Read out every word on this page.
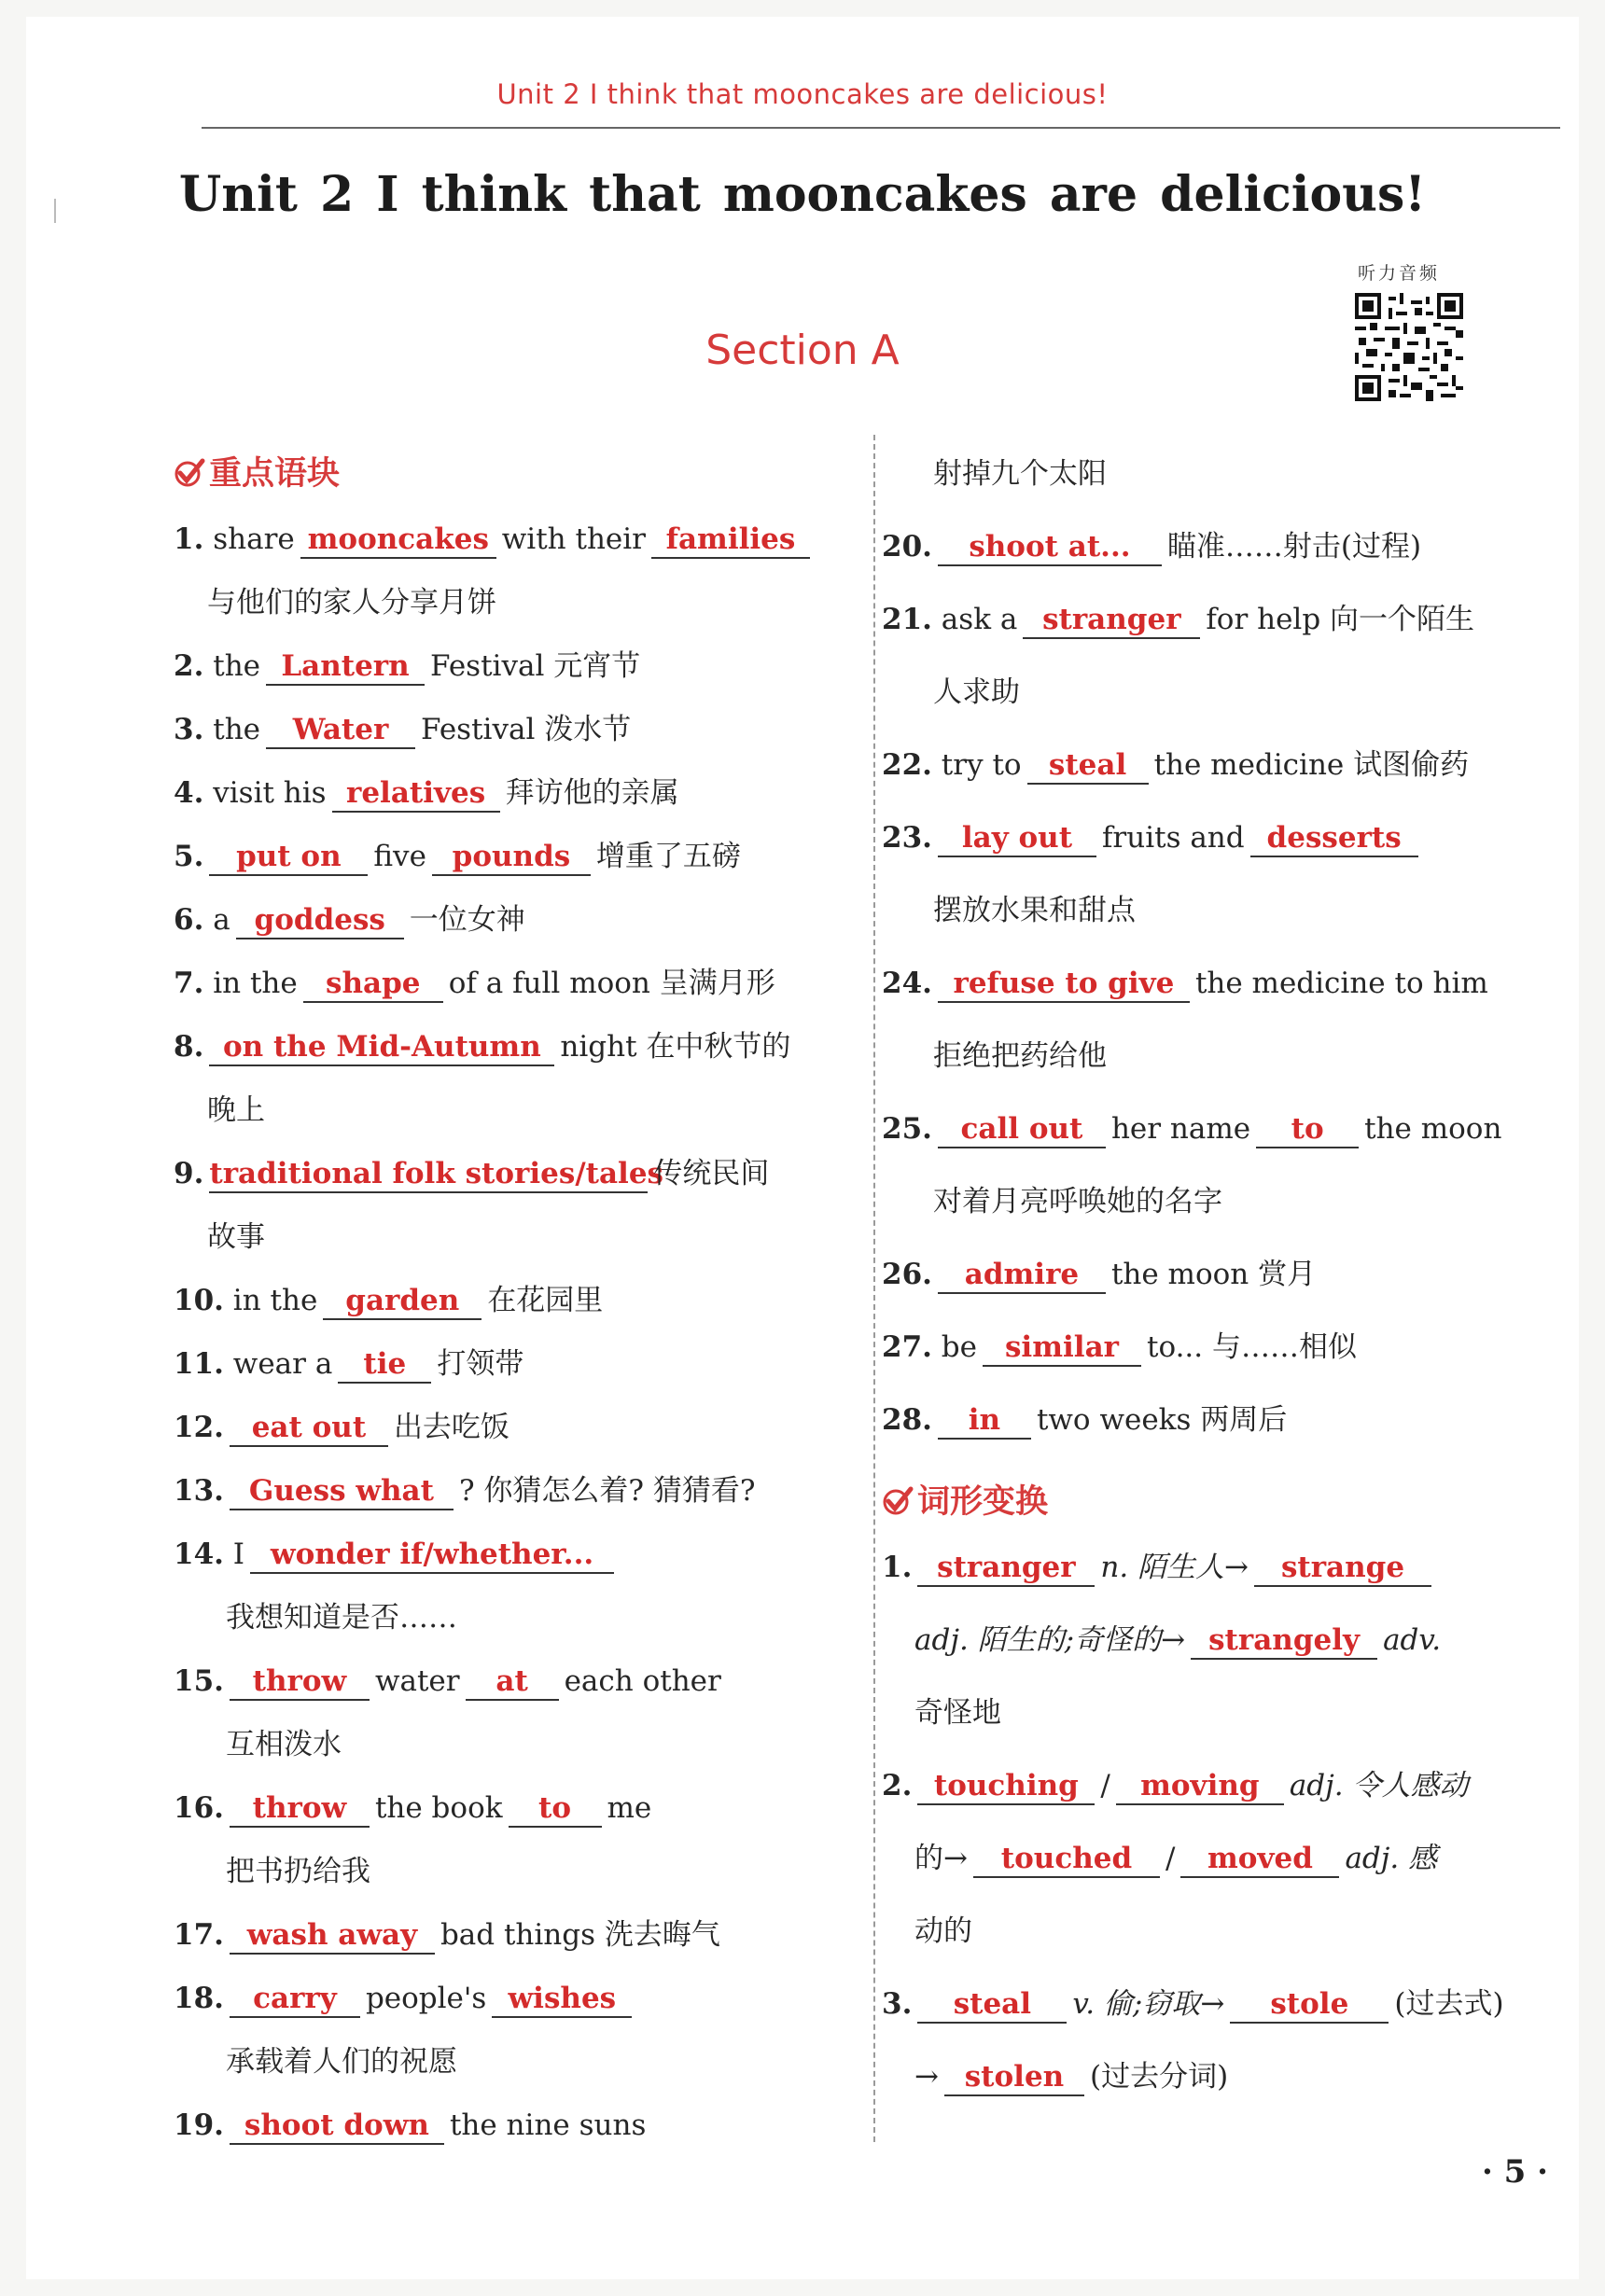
Unit 2 I think that mooncakes are delicious!
Unit 2 I think that mooncakes are delicious!
听力音频
Section A
重点语块
1. share mooncakes with their families
与他们的家人分享月饼
2. the Lantern Festival 元宵节
3. the Water Festival 泼水节
4. visit his relatives 拜访他的亲属
5. put on five pounds 增重了五磅
6. a goddess 一位女神
7. in the shape of a full moon 呈满月形
8. on the Mid-Autumn night 在中秋节的
晚上
9. traditional folk stories/tales传统民间
故事
10. in the garden 在花园里
11. wear a tie 打领带
12. eat out 出去吃饭
13. Guess what ? 你猜怎么着? 猜猜看?
14. I wonder if/whether...
我想知道是否……
15. throw water at each other
互相泼水
16. throw the book to me
把书扔给我
17. wash away bad things 洗去晦气
18. carry people's wishes
承载着人们的祝愿
19. shoot down the nine suns
射掉九个太阳
20. shoot at... 瞄准……射击(过程)
21. ask a stranger for help 向一个陌生
人求助
22. try to steal the medicine 试图偷药
23. lay out fruits and desserts
摆放水果和甜点
24. refuse to give the medicine to him
拒绝把药给他
25. call out her name to the moon
对着月亮呼唤她的名字
26. admire the moon 赏月
27. be similar to... 与……相似
28. in two weeks 两周后
词形变换
1. stranger n. 陌生人→ strange
adj. 陌生的;奇怪的→ strangely adv.
奇怪地
2. touching / moving adj. 令人感动
的→ touched / moved adj. 感
动的
3. steal v. 偷;窃取→ stole (过去式)
→ stolen (过去分词)
· 5 ·
